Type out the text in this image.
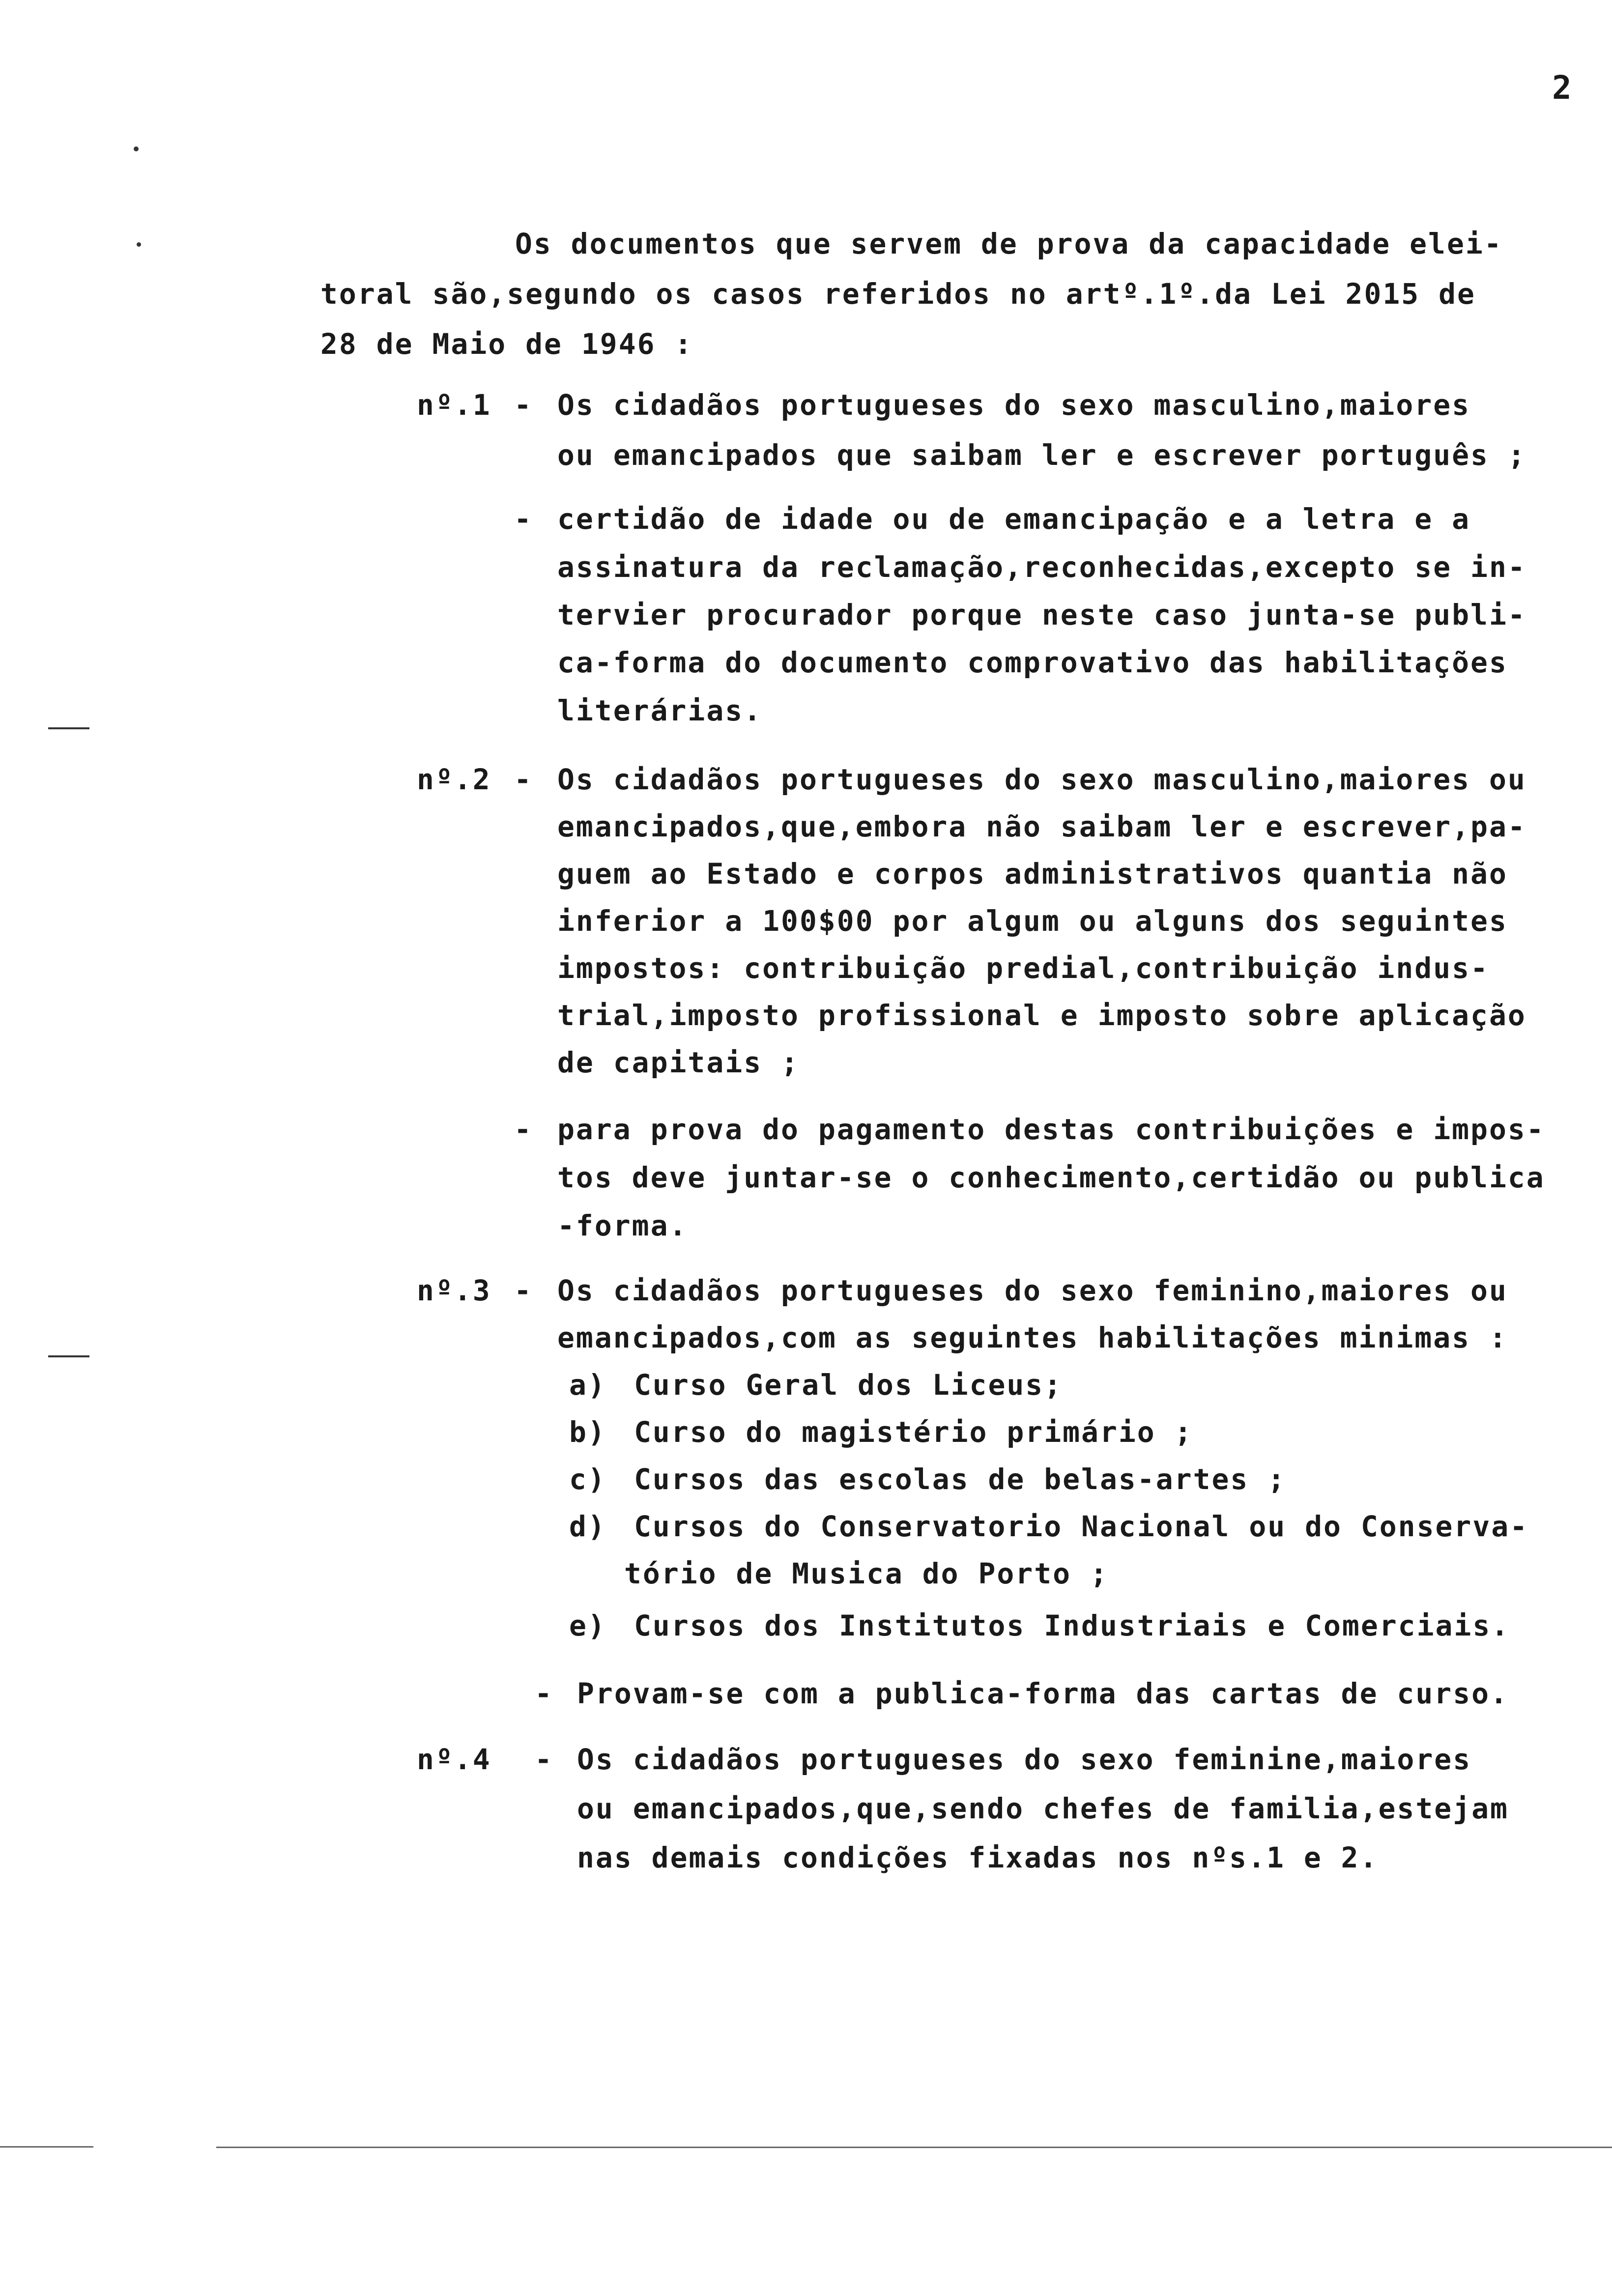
2
Os documentos que servem de prova da capacidade elei-
toral são,segundo os casos referidos no artº.1º.da Lei 2015 de
28 de Maio de 1946 :
nº.1 - Os cidadãos portugueses do sexo masculino,maiores
ou emancipados que saibam ler e escrever português ;
- certidão de idade ou de emancipação e a letra e a
assinatura da reclamação,reconhecidas,excepto se in-
tervier procurador porque neste caso junta-se publi-
ca-forma do documento comprovativo das habilitações
literárias.
nº.2 - Os cidadãos portugueses do sexo masculino,maiores ou
emancipados,que,embora não saibam ler e escrever,pa-
guem ao Estado e corpos administrativos quantia não
inferior a 100$00 por algum ou alguns dos seguintes
impostos: contribuição predial,contribuição indus-
trial,imposto profissional e imposto sobre aplicação
de capitais ;
- para prova do pagamento destas contribuições e impos-
tos deve juntar-se o conhecimento,certidão ou publica
-forma.
nº.3 - Os cidadãos portugueses do sexo feminino,maiores ou
emancipados,com as seguintes habilitações minimas :
a) Curso Geral dos Liceus;
b) Curso do magistério primário ;
c) Cursos das escolas de belas-artes ;
d) Cursos do Conservatorio Nacional ou do Conserva-
tório de Musica do Porto ;
e) Cursos dos Institutos Industriais e Comerciais.
- Provam-se com a publica-forma das cartas de curso.
nº.4 - Os cidadãos portugueses do sexo feminine,maiores
ou emancipados,que,sendo chefes de familia,estejam
nas demais condições fixadas nos nºs.1 e 2.
